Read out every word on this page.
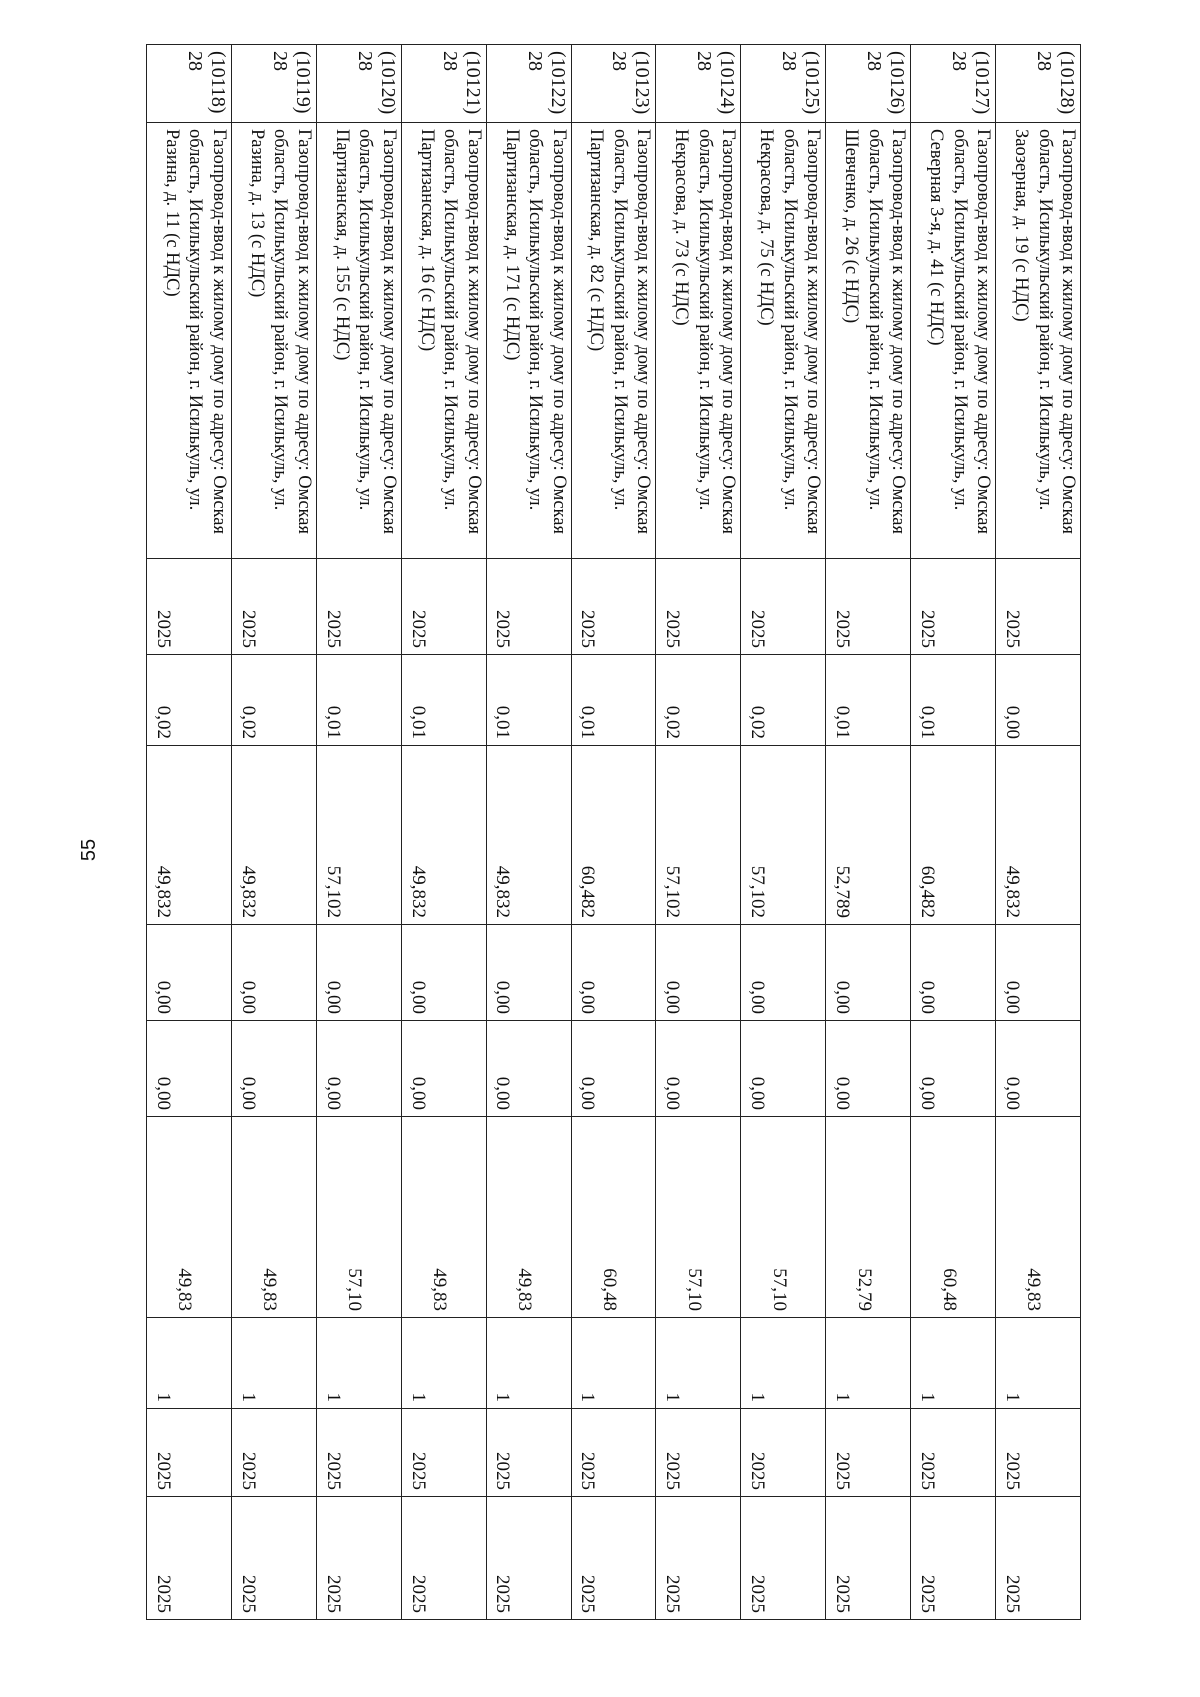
55
(10128)
28	Газопровод-ввод к жилому дому по адресу: Омская область, Исилькульский район, г. Исилькуль, ул. Заозерная, д. 19 (с НДС)	2025	0,00	49,832	0,00	0,00	49,83	1	2025	2025

(10127)
28	Газопровод-ввод к жилому дому по адресу: Омская область, Исилькульский район, г. Исилькуль, ул. Северная 3-я, д. 41 (с НДС)	2025	0,01	60,482	0,00	0,00	60,48	1	2025	2025

(10126)
28	Газопровод-ввод к жилому дому по адресу: Омская область, Исилькульский район, г. Исилькуль, ул. Шевченко, д. 26 (с НДС)	2025	0,01	52,789	0,00	0,00	52,79	1	2025	2025

(10125)
28	Газопровод-ввод к жилому дому по адресу: Омская область, Исилькульский район, г. Исилькуль, ул. Некрасова, д. 75 (с НДС)	2025	0,02	57,102	0,00	0,00	57,10	1	2025	2025

(10124)
28	Газопровод-ввод к жилому дому по адресу: Омская область, Исилькульский район, г. Исилькуль, ул. Некрасова, д. 73 (с НДС)	2025	0,02	57,102	0,00	0,00	57,10	1	2025	2025

(10123)
28	Газопровод-ввод к жилому дому по адресу: Омская область, Исилькульский район, г. Исилькуль, ул. Партизанская, д. 82 (с НДС)	2025	0,01	60,482	0,00	0,00	60,48	1	2025	2025

(10122)
28	Газопровод-ввод к жилому дому по адресу: Омская область, Исилькульский район, г. Исилькуль, ул. Партизанская, д. 171 (с НДС)	2025	0,01	49,832	0,00	0,00	49,83	1	2025	2025

(10121)
28	Газопровод-ввод к жилому дому по адресу: Омская область, Исилькульский район, г. Исилькуль, ул. Партизанская, д. 16 (с НДС)	2025	0,01	49,832	0,00	0,00	49,83	1	2025	2025

(10120)
28	Газопровод-ввод к жилому дому по адресу: Омская область, Исилькульский район, г. Исилькуль, ул. Партизанская, д. 155 (с НДС)	2025	0,01	57,102	0,00	0,00	57,10	1	2025	2025

(10119)
28	Газопровод-ввод к жилому дому по адресу: Омская область, Исилькульский район, г. Исилькуль, ул. Разина, д. 13 (с НДС)	2025	0,02	49,832	0,00	0,00	49,83	1	2025	2025

(10118)
28	Газопровод-ввод к жилому дому по адресу: Омская область, Исилькульский район, г. Исилькуль, ул. Разина, д. 11 (с НДС)	2025	0,02	49,832	0,00	0,00	49,83	1	2025	2025
